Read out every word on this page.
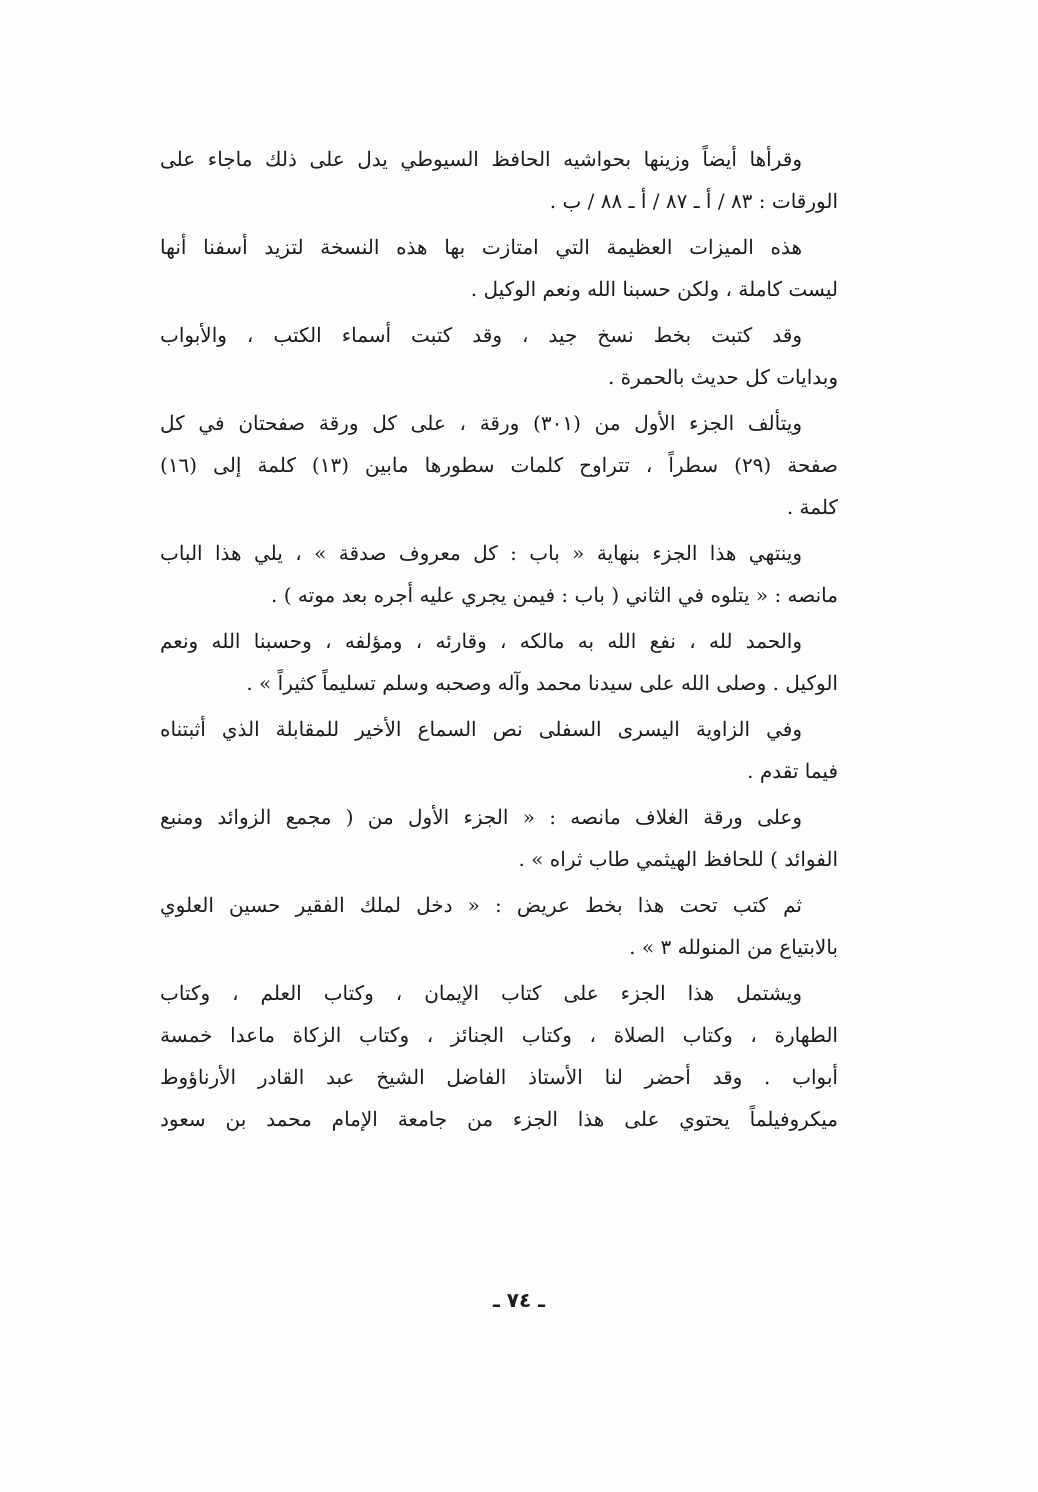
وقرأها أيضاً وزينها بحواشيه الحافظ السيوطي يدل على ذلك ماجاء على
الورقات : ٨٣ / أ ـ ٨٧ / أ ـ ٨٨ / ب .

هذه الميزات العظيمة التي امتازت بها هذه النسخة لتزيد أسفنا أنها
ليست كاملة ، ولكن حسبنا الله ونعم الوكيل .

وقد كتبت بخط نسخ جيد ، وقد كتبت أسماء الكتب ، والأبواب
وبدايات كل حديث بالحمرة .

ويتألف الجزء الأول من (٣٠١) ورقة ، على كل ورقة صفحتان في كل
صفحة (٢٩) سطراً ، تتراوح كلمات سطورها مابين (١٣) كلمة إلى (١٦)
كلمة .

وينتهي هذا الجزء بنهاية « باب : كل معروف صدقة » ، يلي هذا الباب
مانصه : « يتلوه في الثاني ( باب : فيمن يجري عليه أجره بعد موته ) .

والحمد لله ، نفع الله به مالكه ، وقارئه ، ومؤلفه ، وحسبنا الله ونعم
الوكيل . وصلى الله على سيدنا محمد وآله وصحبه وسلم تسليماً كثيراً » .

وفي الزاوية اليسرى السفلى نص السماع الأخير للمقابلة الذي أثبتناه
فيما تقدم .

وعلى ورقة الغلاف مانصه : « الجزء الأول من ( مجمع الزوائد ومنبع
الفوائد ) للحافظ الهيثمي طاب ثراه » .

ثم كتب تحت هذا بخط عريض : « دخل لملك الفقير حسين العلوي
بالابتياع من المنولله ٣ » .

ويشتمل هذا الجزء على كتاب الإيمان ، وكتاب العلم ، وكتاب
الطهارة ، وكتاب الصلاة ، وكتاب الجنائز ، وكتاب الزكاة ماعدا خمسة
أبواب . وقد أحضر لنا الأستاذ الفاضل الشيخ عبد القادر الأرناؤوط
ميكروفيلماً يحتوي على هذا الجزء من جامعة الإمام محمد بن سعود

ـ ٧٤ ـ
